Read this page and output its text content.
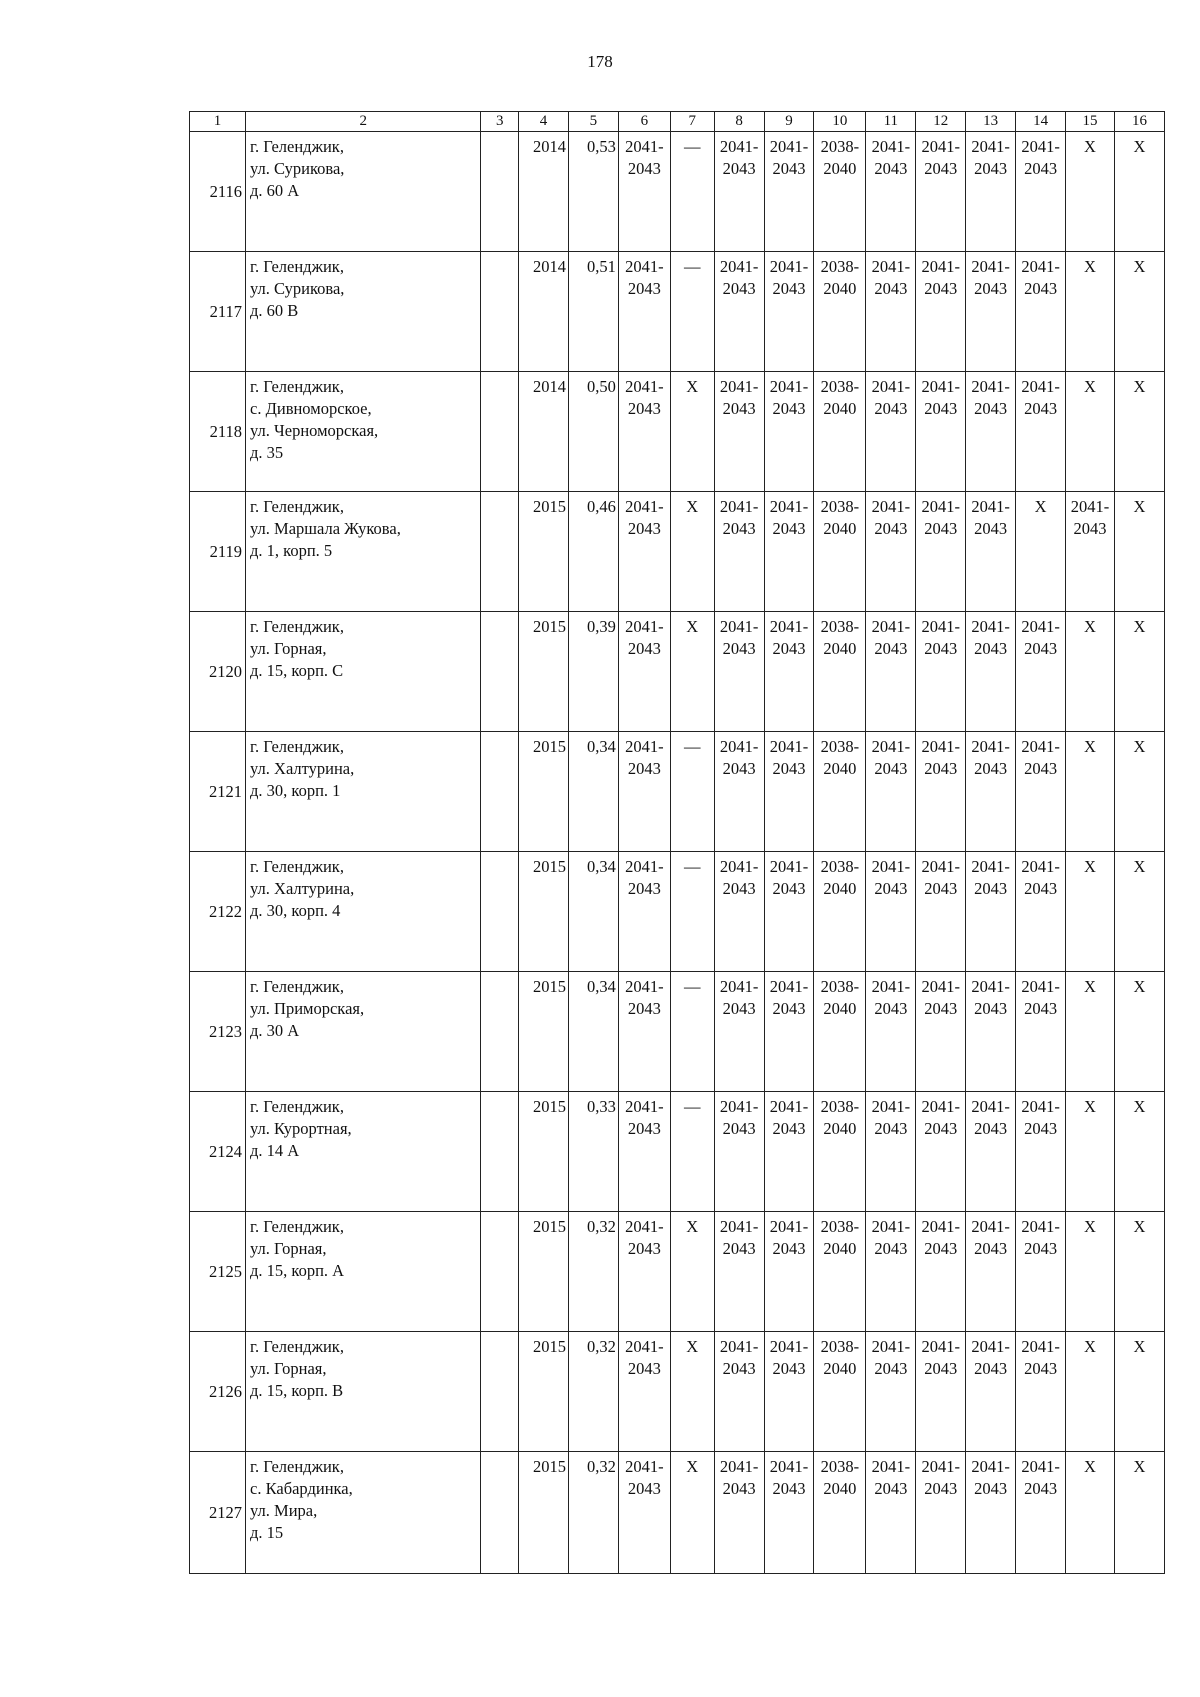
178
1	2	3	4	5	6	7	8	9	10	11	12	13	14	15	16
2116	г. Геленджик,
ул. Сурикова,
д. 60 А		2014	0,53	2041-
2043	—	2041-
2043	2041-
2043	2038-
2040	2041-
2043	2041-
2043	2041-
2043	2041-
2043	X	X

2117	г. Геленджик,
ул. Сурикова,
д. 60 В		2014	0,51	2041-
2043	—	2041-
2043	2041-
2043	2038-
2040	2041-
2043	2041-
2043	2041-
2043	2041-
2043	X	X

2118	г. Геленджик,
с. Дивноморское,
ул. Черноморская,
д. 35		2014	0,50	2041-
2043	X	2041-
2043	2041-
2043	2038-
2040	2041-
2043	2041-
2043	2041-
2043	2041-
2043	X	X

2119	г. Геленджик,
ул. Маршала Жукова,
д. 1, корп. 5		2015	0,46	2041-
2043	X	2041-
2043	2041-
2043	2038-
2040	2041-
2043	2041-
2043	2041-
2043	X	2041-
2043	X

2120	г. Геленджик,
ул. Горная,
д. 15, корп. С		2015	0,39	2041-
2043	X	2041-
2043	2041-
2043	2038-
2040	2041-
2043	2041-
2043	2041-
2043	2041-
2043	X	X

2121	г. Геленджик,
ул. Халтурина,
д. 30, корп. 1		2015	0,34	2041-
2043	—	2041-
2043	2041-
2043	2038-
2040	2041-
2043	2041-
2043	2041-
2043	2041-
2043	X	X

2122	г. Геленджик,
ул. Халтурина,
д. 30, корп. 4		2015	0,34	2041-
2043	—	2041-
2043	2041-
2043	2038-
2040	2041-
2043	2041-
2043	2041-
2043	2041-
2043	X	X

2123	г. Геленджик,
ул. Приморская,
д. 30 А		2015	0,34	2041-
2043	—	2041-
2043	2041-
2043	2038-
2040	2041-
2043	2041-
2043	2041-
2043	2041-
2043	X	X

2124	г. Геленджик,
ул. Курортная,
д. 14 А		2015	0,33	2041-
2043	—	2041-
2043	2041-
2043	2038-
2040	2041-
2043	2041-
2043	2041-
2043	2041-
2043	X	X

2125	г. Геленджик,
ул. Горная,
д. 15, корп. А		2015	0,32	2041-
2043	X	2041-
2043	2041-
2043	2038-
2040	2041-
2043	2041-
2043	2041-
2043	2041-
2043	X	X

2126	г. Геленджик,
ул. Горная,
д. 15, корп. В		2015	0,32	2041-
2043	X	2041-
2043	2041-
2043	2038-
2040	2041-
2043	2041-
2043	2041-
2043	2041-
2043	X	X

2127	г. Геленджик,
с. Кабардинка,
ул. Мира,
д. 15		2015	0,32	2041-
2043	X	2041-
2043	2041-
2043	2038-
2040	2041-
2043	2041-
2043	2041-
2043	2041-
2043	X	X
